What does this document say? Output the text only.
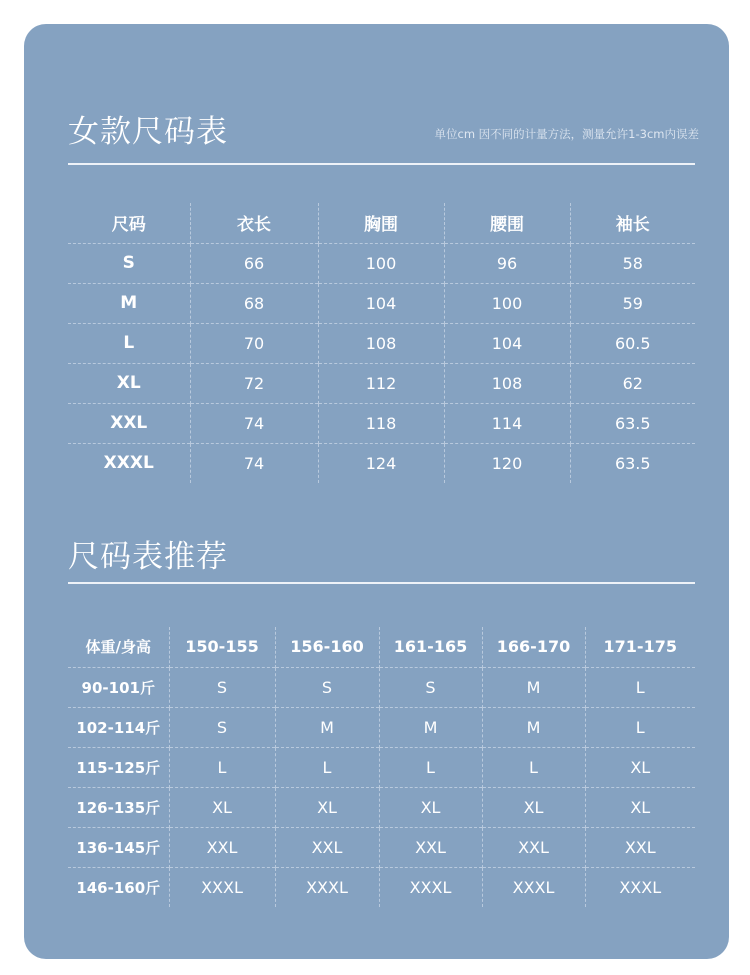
女款尺码表	单位cm 因不同的计量方法，测量允许1-3cm内误差
尺码	衣长	胸围	腰围	袖长
S	66	100	96	58
M	68	104	100	59
L	70	108	104	60.5
XL	72	112	108	62
XXL	74	118	114	63.5
XXXL	74	124	120	63.5
尺码表推荐
体重/身高	150-155	156-160	161-165	166-170	171-175
90-101斤	S	S	S	M	L
102-114斤	S	M	M	M	L
115-125斤	L	L	L	L	XL
126-135斤	XL	XL	XL	XL	XL
136-145斤	XXL	XXL	XXL	XXL	XXL
146-160斤	XXXL	XXXL	XXXL	XXXL	XXXL
